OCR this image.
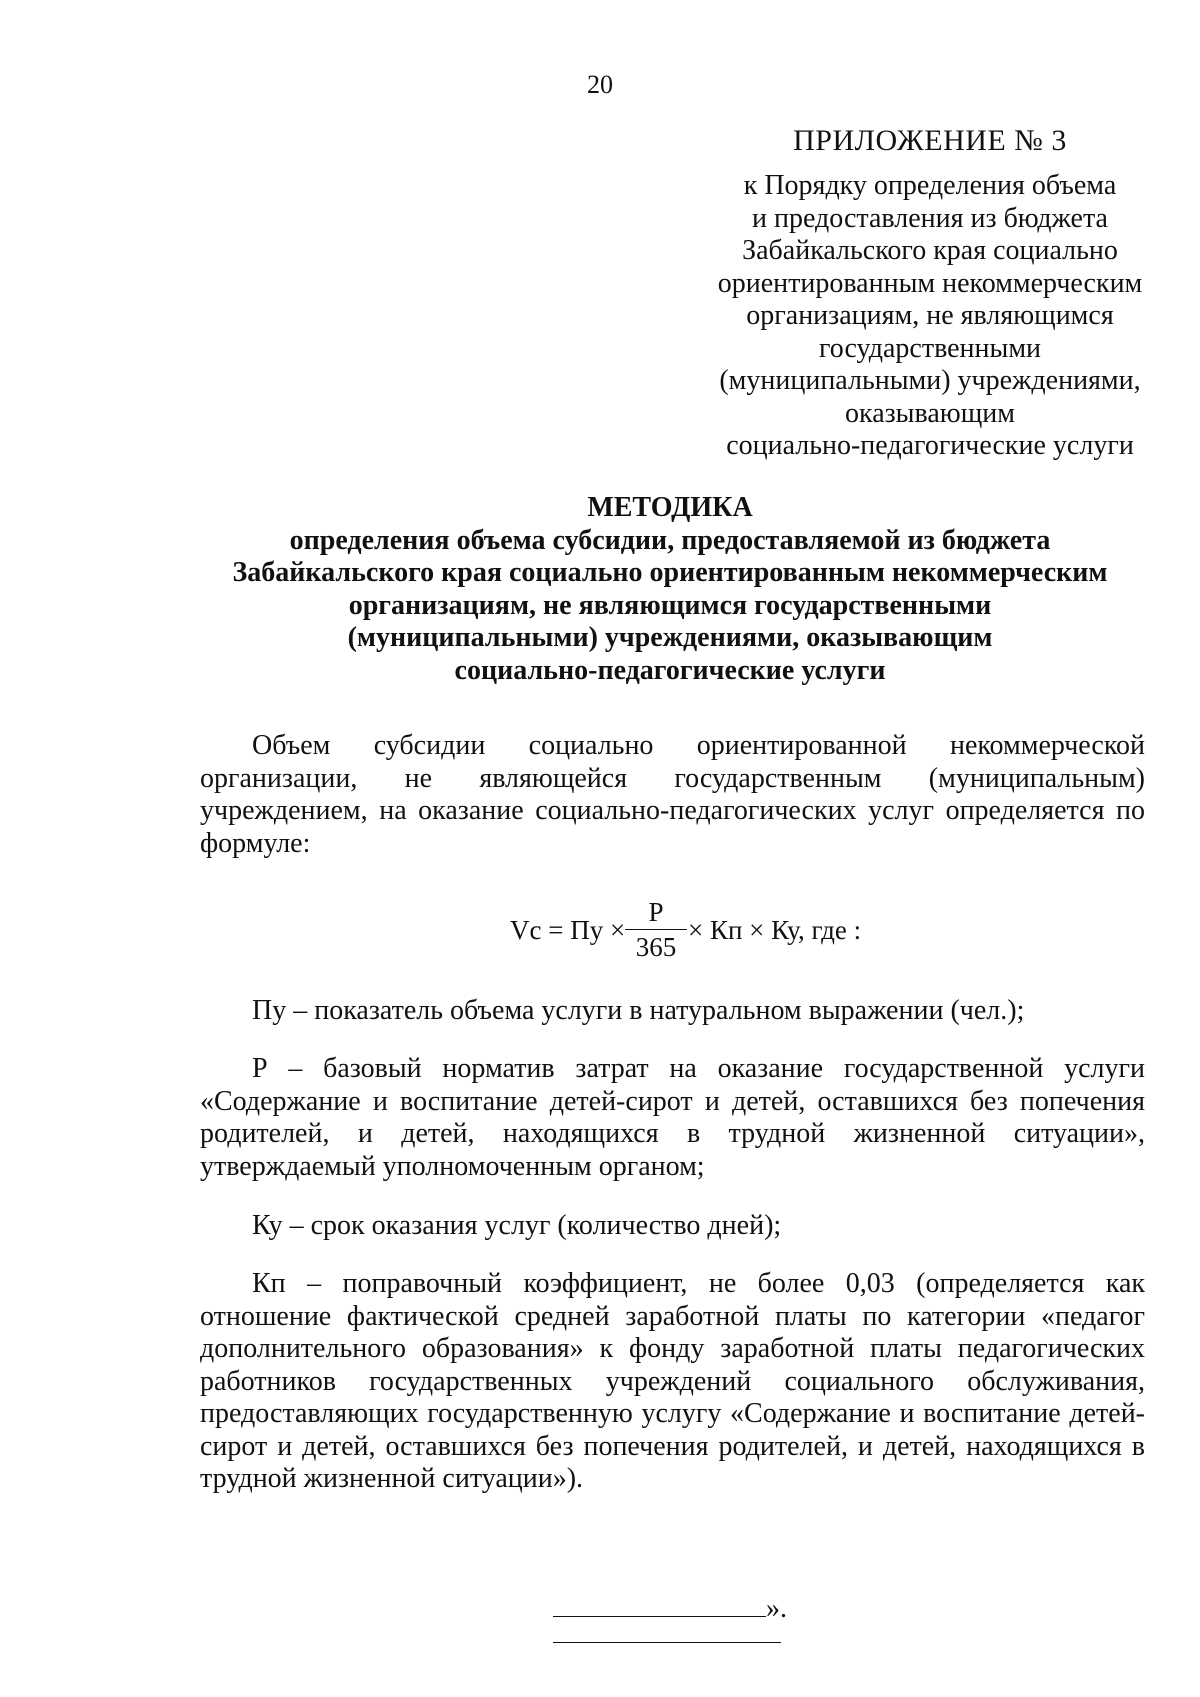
20
ПРИЛОЖЕНИЕ № 3
к Порядку определения объема
и предоставления из бюджета
Забайкальского края социально
ориентированным некоммерческим
организациям, не являющимся
государственными
(муниципальными) учреждениями,
оказывающим
социально-педагогические услуги
МЕТОДИКА
определения объема субсидии, предоставляемой из бюджета
Забайкальского края социально ориентированным некоммерческим
организациям, не являющимся государственными
(муниципальными) учреждениями, оказывающим
социально-педагогические услуги
Объем субсидии социально ориентированной некоммерческой организации, не являющейся государственным (муниципальным) учреждением, на оказание социально-педагогических услуг определяется по формуле:
Vc = Пу ×
Р
365
× Кп × Ку, где :
Пу – показатель объема услуги в натуральном выражении (чел.);
Р – базовый норматив затрат на оказание государственной услуги «Содержание и воспитание детей-сирот и детей, оставшихся без попечения родителей, и детей, находящихся в трудной жизненной ситуации», утверждаемый уполномоченным органом;
Ку – срок оказания услуг (количество дней);
Кп – поправочный коэффициент, не более 0,03 (определяется как отношение фактической средней заработной платы по категории «педагог дополнительного образования» к фонду заработной платы педагогических работников государственных учреждений социального обслуживания, предоставляющих государственную услугу «Содержание и воспитание детей-сирот и детей, оставшихся без попечения родителей, и детей, находящихся в трудной жизненной ситуации»).
».
